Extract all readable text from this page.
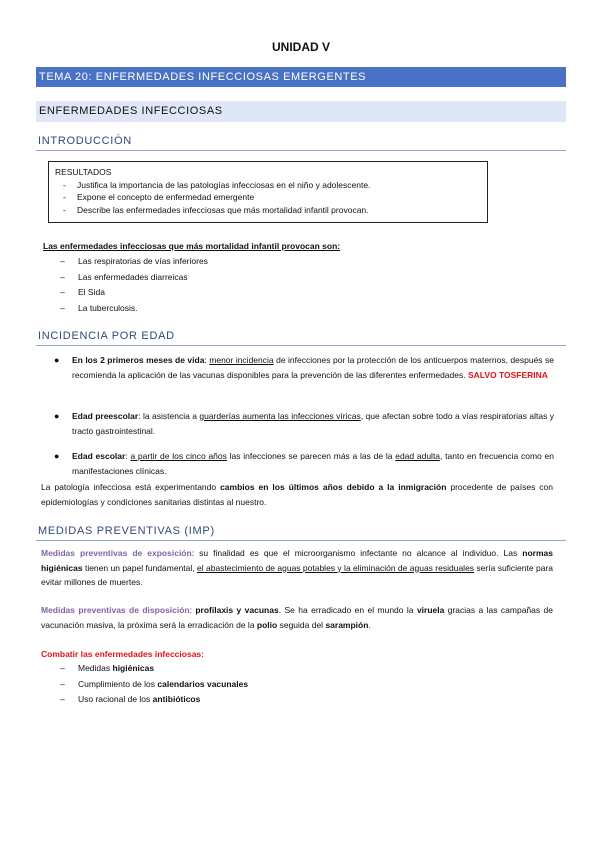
UNIDAD V
TEMA 20: ENFERMEDADES INFECCIOSAS EMERGENTES
ENFERMEDADES INFECCIOSAS
INTRODUCCIÓN
RESULTADOS
- Justifica la importancia de las patologías infecciosas en el niño y adolescente.
- Expone el concepto de enfermedad emergente
- Describe las enfermedades infecciosas que más mortalidad infantil provocan.
Las enfermedades infecciosas que más mortalidad infantil provocan son:
– Las respiratorias de vías inferiores
– Las enfermedades diarreicas
– El Sida
– La tuberculosis.
INCIDENCIA POR EDAD
● En los 2 primeros meses de vida: menor incidencia de infecciones por la protección de los anticuerpos maternos, después se recomienda la aplicación de las vacunas disponibles para la prevención de las diferentes enfermedades. SALVO TOSFERINA
● Edad preescolar: la asistencia a guarderías aumenta las infecciones víricas, que afectan sobre todo a vías respiratorias altas y tracto gastrointestinal.
● Edad escolar: a partir de los cinco años las infecciones se parecen más a las de la edad adulta, tanto en frecuencia como en manifestaciones clínicas.
La patología infecciosa está experimentando cambios en los últimos años debido a la inmigración procedente de países con epidemiologías y condiciones sanitarias distintas al nuestro.
MEDIDAS PREVENTIVAS (IMP)
Medidas preventivas de exposición: su finalidad es que el microorganismo infectante no alcance al individuo. Las normas higiénicas tienen un papel fundamental, el abastecimiento de aguas potables y la eliminación de aguas residuales sería suficiente para evitar millones de muertes.
Medidas preventivas de disposición: profilaxis y vacunas. Se ha erradicado en el mundo la viruela gracias a las campañas de vacunación masiva, la próxima será la erradicación de la polio seguida del sarampión.
Combatir las enfermedades infecciosas:
– Medidas higiénicas
– Cumplimiento de los calendarios vacunales
– Uso racional de los antibióticos
